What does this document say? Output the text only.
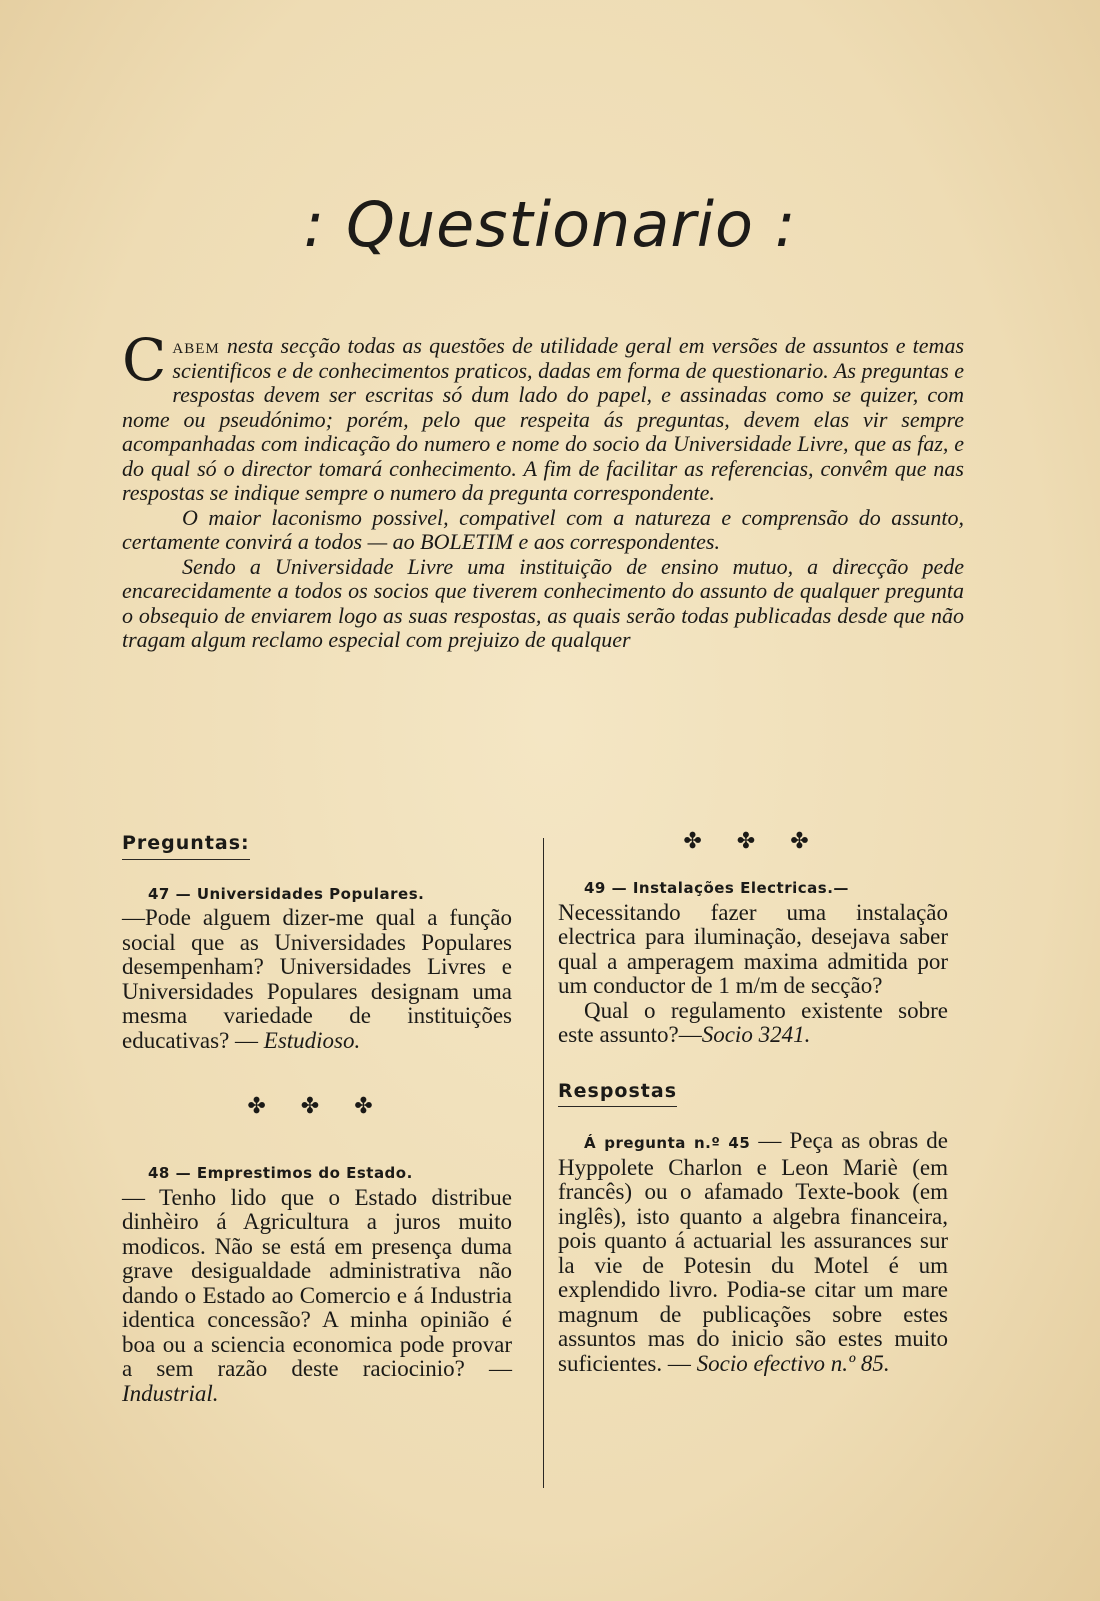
: Questionario :

Cabem nesta secção todas as questões de utilidade geral em versões de assuntos e temas scientificos e de conhecimentos praticos, dadas em forma de questionario. As preguntas e respostas devem ser escritas só dum lado do papel, e assinadas como se quizer, com nome ou pseudónimo; porém, pelo que respeita ás preguntas, devem elas vir sempre acompanhadas com indicação do numero e nome do socio da Universidade Livre, que as faz, e do qual só o director tomará conhecimento. A fim de facilitar as referencias, convêm que nas respostas se indique sempre o numero da pregunta correspondente.

O maior laconismo possivel, compativel com a natureza e comprensão do assunto, certamente convirá a todos — ao BOLETIM e aos correspondentes.

Sendo a Universidade Livre uma instituição de ensino mutuo, a direcção pede encarecidamente a todos os socios que tiverem conhecimento do assunto de qualquer pregunta o obsequio de enviarem logo as suas respostas, as quais serão todas publicadas desde que não tragam algum reclamo especial com prejuizo de qualquer

Preguntas:
47 — Universidades Populares.

—Pode alguem dizer-me qual a função social que as Universidades Populares desempenham? Universidades Livres e Universidades Populares designam uma mesma variedade de instituições educativas? — Estudioso.

✤ ✤ ✤
48 — Emprestimos do Estado.

— Tenho lido que o Estado distribue dinhèiro á Agricultura a juros muito modicos. Não se está em presença duma grave desigualdade administrativa não dando o Estado ao Comercio e á Industria identica concessão? A minha opinião é boa ou a sciencia economica pode provar a sem razão deste raciocinio? — Industrial.

✤ ✤ ✤
49 — Instalações Electricas.—

Necessitando fazer uma instalação electrica para iluminação, desejava saber qual a amperagem maxima admitida por um conductor de 1 m/m de secção?

Qual o regulamento existente sobre este assunto?—Socio 3241.

Respostas

Á pregunta n.º 45 — Peça as obras de Hyppolete Charlon e Leon Mariè (em francês) ou o afamado Texte-book (em inglês), isto quanto a algebra financeira, pois quanto á actuarial les assurances sur la vie de Potesin du Motel é um explendido livro. Podia-se citar um mare magnum de publicações sobre estes assuntos mas do inicio são estes muito suficientes. — Socio efectivo n.º 85.
